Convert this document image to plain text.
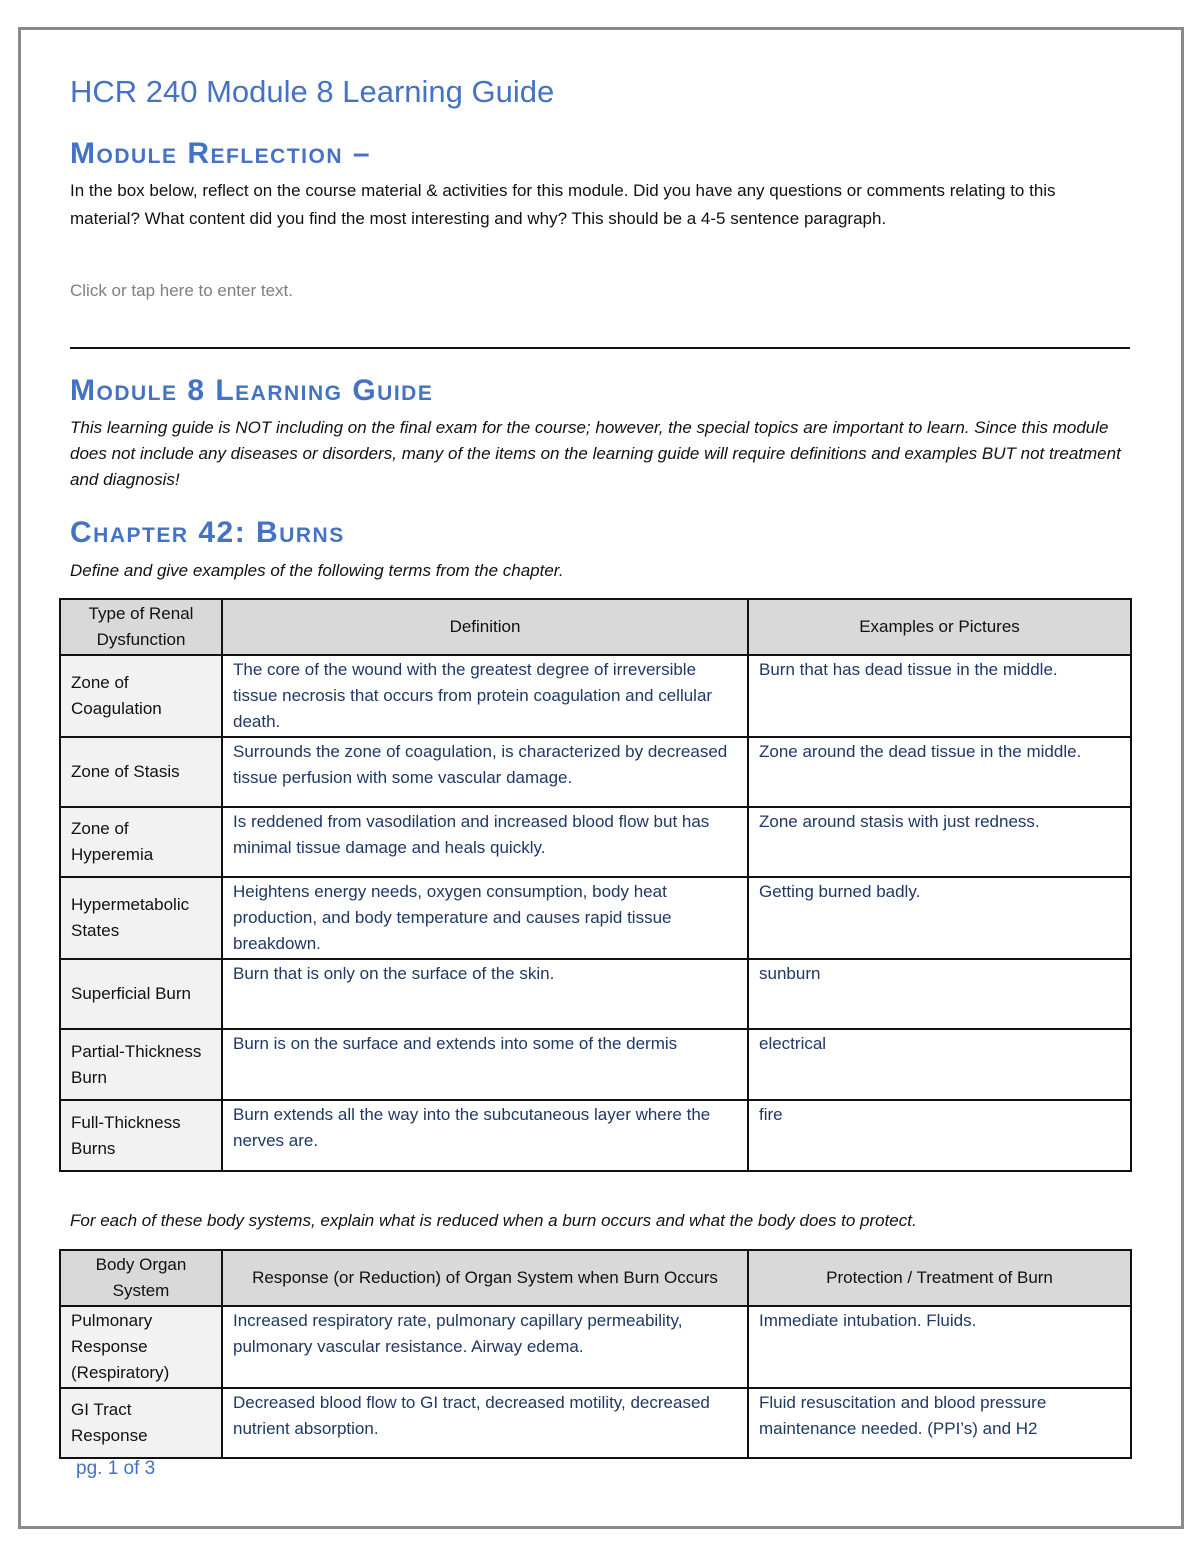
HCR 240 Module 8 Learning Guide
Module Reflection –
In the box below, reflect on the course material & activities for this module. Did you have any questions or comments relating to this material? What content did you find the most interesting and why? This should be a 4-5 sentence paragraph.
Click or tap here to enter text.
Module 8 Learning Guide
This learning guide is NOT including on the final exam for the course; however, the special topics are important to learn. Since this module does not include any diseases or disorders, many of the items on the learning guide will require definitions and examples BUT not treatment and diagnosis!
Chapter 42: Burns
Define and give examples of the following terms from the chapter.
Type of Renal Dysfunction	Definition	Examples or Pictures
Zone of Coagulation	The core of the wound with the greatest degree of irreversible tissue necrosis that occurs from protein coagulation and cellular death.	Burn that has dead tissue in the middle.
Zone of Stasis	Surrounds the zone of coagulation, is characterized by decreased tissue perfusion with some vascular damage.	Zone around the dead tissue in the middle.
Zone of Hyperemia	Is reddened from vasodilation and increased blood flow but has minimal tissue damage and heals quickly.	Zone around stasis with just redness.
Hypermetabolic States	Heightens energy needs, oxygen consumption, body heat production, and body temperature and causes rapid tissue breakdown.	Getting burned badly.
Superficial Burn	Burn that is only on the surface of the skin.	sunburn
Partial-Thickness Burn	Burn is on the surface and extends into some of the dermis	electrical
Full-Thickness Burns	Burn extends all the way into the subcutaneous layer where the nerves are.	fire
For each of these body systems, explain what is reduced when a burn occurs and what the body does to protect.
Body Organ System	Response (or Reduction) of Organ System when Burn Occurs	Protection / Treatment of Burn
Pulmonary Response (Respiratory)	Increased respiratory rate, pulmonary capillary permeability, pulmonary vascular resistance. Airway edema.	Immediate intubation. Fluids.
GI Tract Response	Decreased blood flow to GI tract, decreased motility, decreased nutrient absorption.	Fluid resuscitation and blood pressure maintenance needed. (PPI’s) and H2
pg. 1 of 3
